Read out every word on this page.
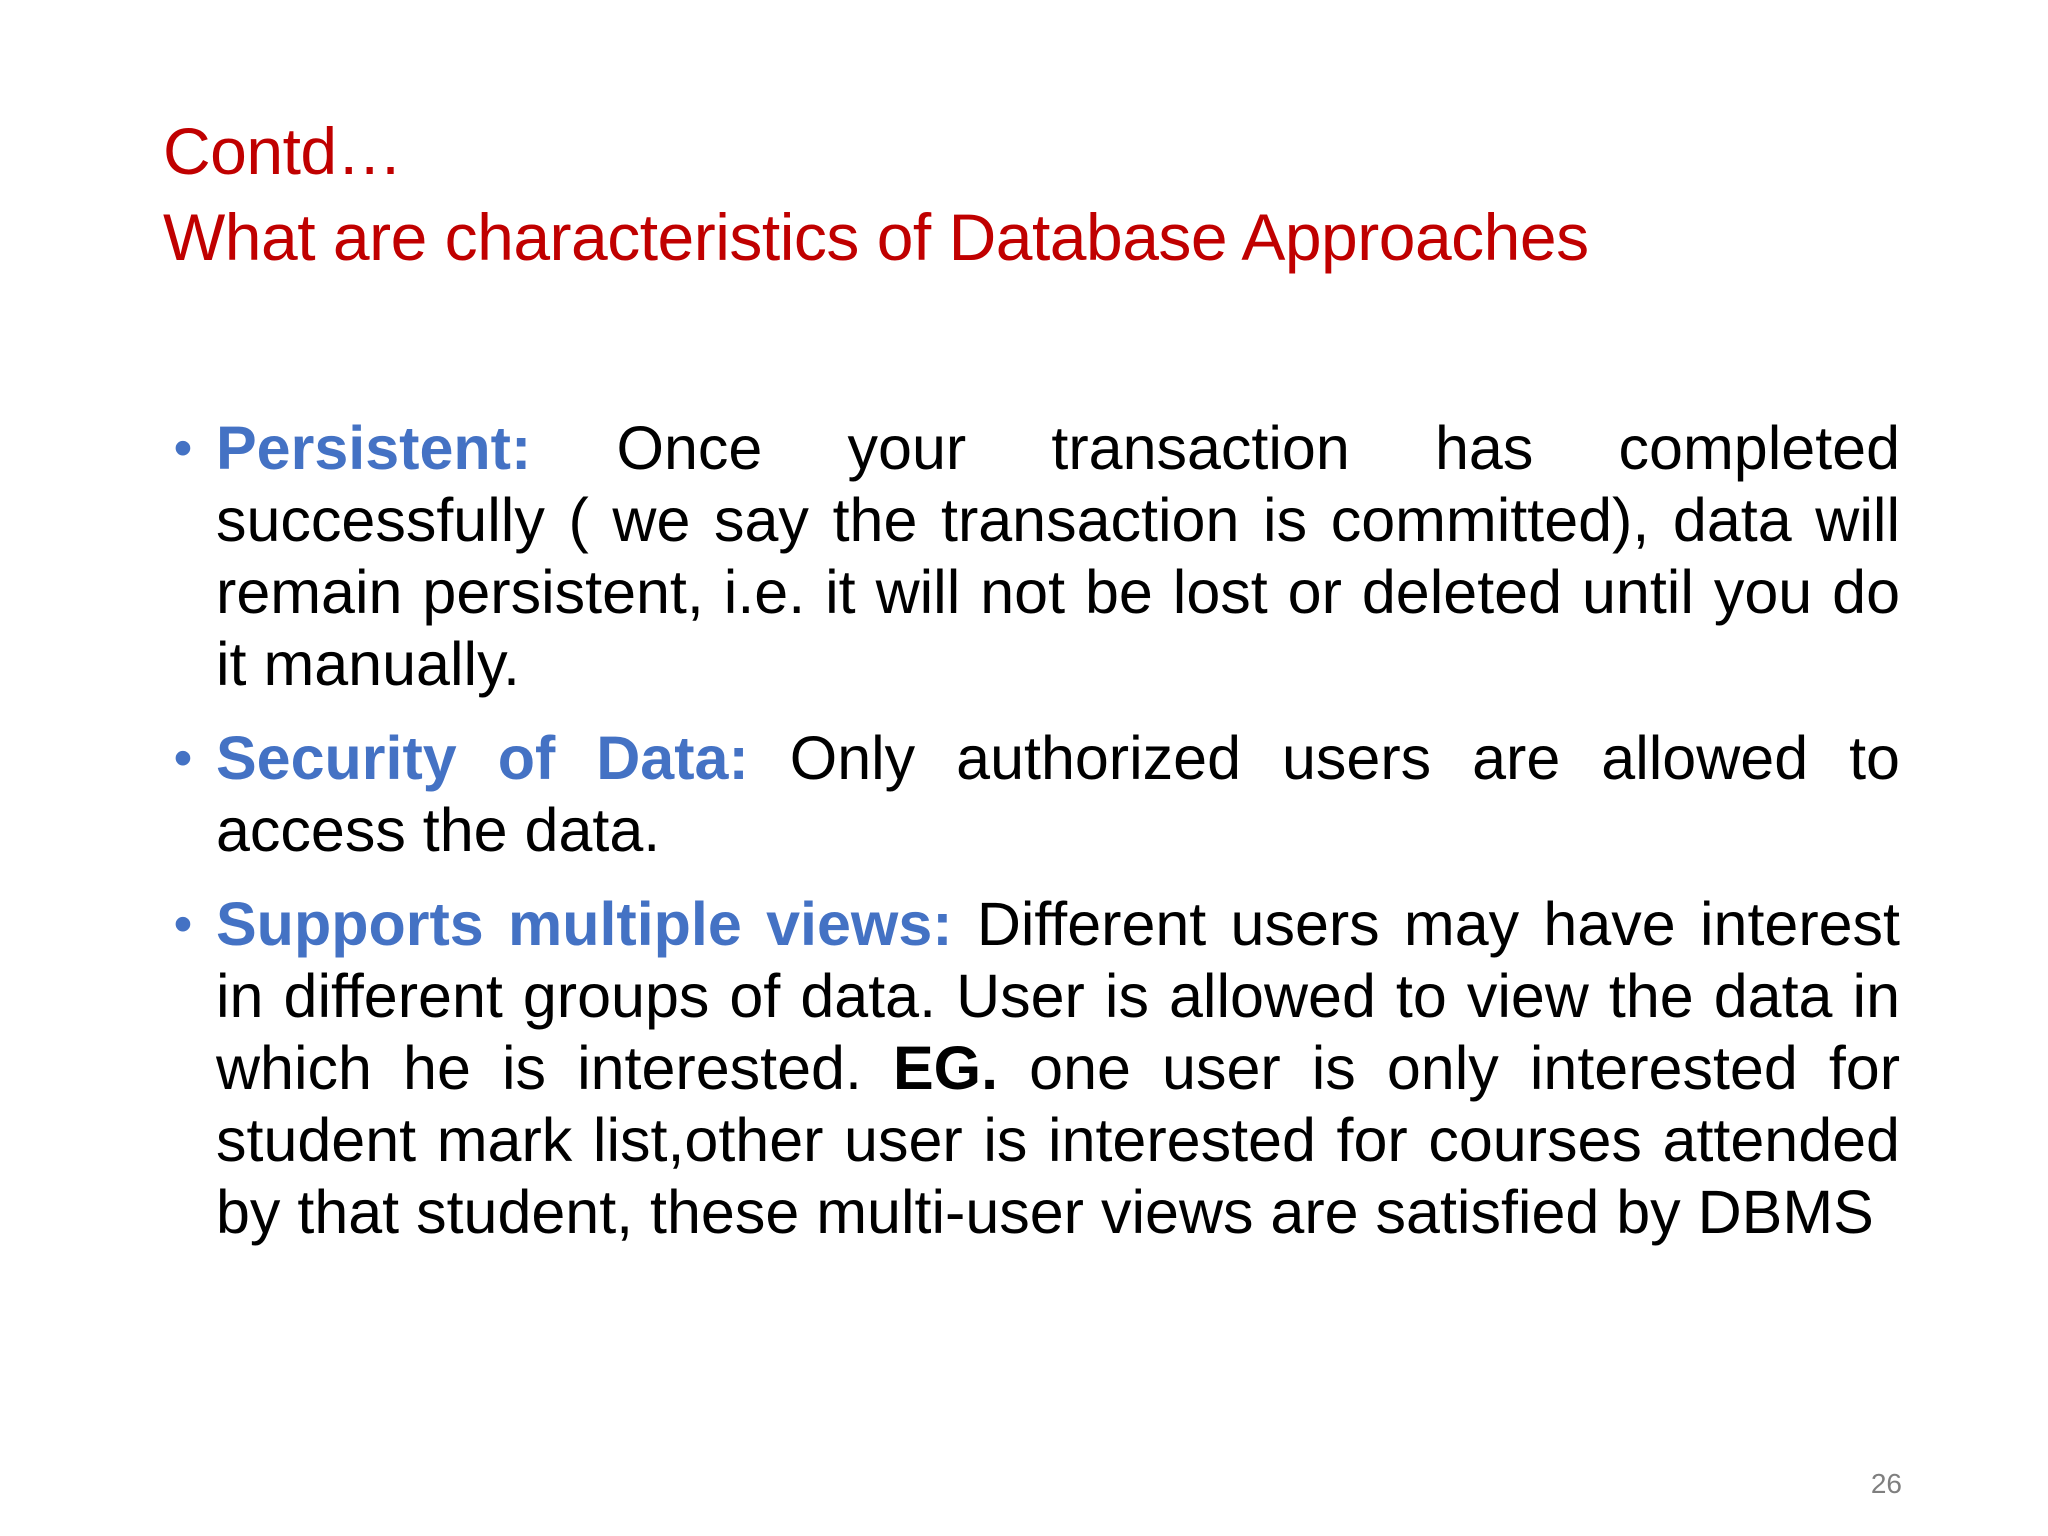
Contd…
What are characteristics of Database Approaches
• Persistent: Once your transaction has completed successfully ( we say the transaction is committed), data will remain persistent, i.e. it will not be lost or deleted until you do it manually.
• Security of Data: Only authorized users are allowed to access the data.
• Supports multiple views: Different users may have interest in different groups of data. User is allowed to view the data in which he is interested. EG. one user is only interested for student mark list,other user is interested for courses attended by that student, these multi-user views are satisfied by DBMS
26
